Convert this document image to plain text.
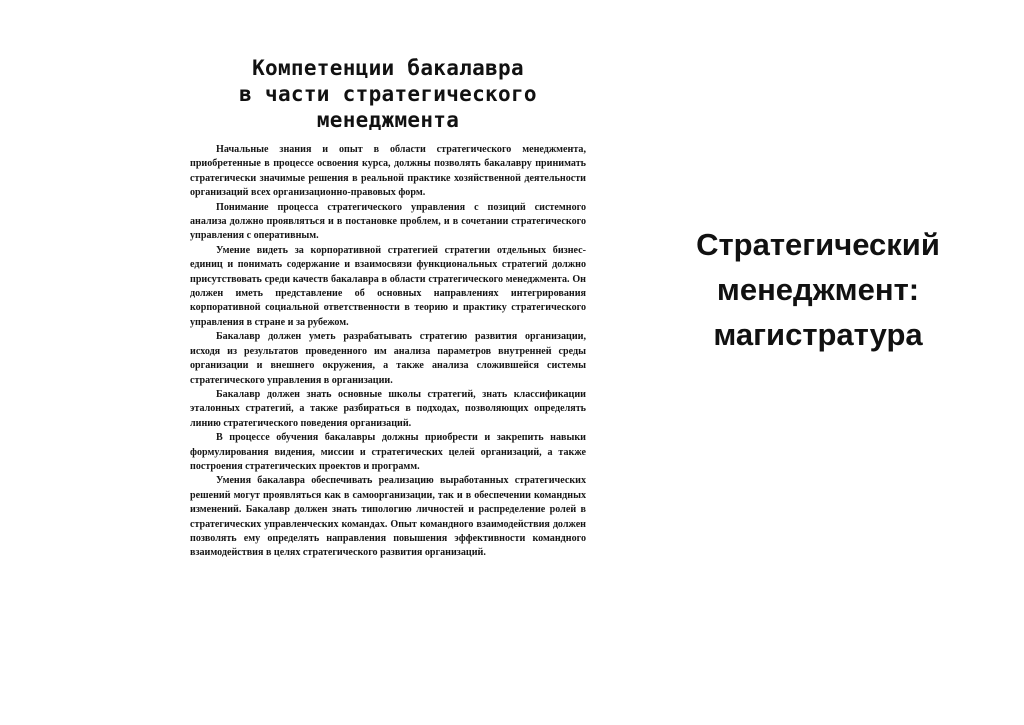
Компетенции бакалавра
в части стратегического
менеджмента

Начальные знания и опыт в области стратегического менеджмента, приобретенные в процессе освоения курса, должны позволять бакалавру принимать стратегически значимые решения в реальной практике хозяйственной деятельности организаций всех организационно-правовых форм.

Понимание процесса стратегического управления с позиций системного анализа должно проявляться и в постановке проблем, и в сочетании стратегического управления с оперативным.

Умение видеть за корпоративной стратегией стратегии отдельных бизнес-единиц и понимать содержание и взаимосвязи функциональных стратегий должно присутствовать среди качеств бакалавра в области стратегического менеджмента. Он должен иметь представление об основных направлениях интегрирования корпоративной социальной ответственности в теорию и практику стратегического управления в стране и за рубежом.

Бакалавр должен уметь разрабатывать стратегию развития организации, исходя из результатов проведенного им анализа параметров внутренней среды организации и внешнего окружения, а также анализа сложившейся системы стратегического управления в организации.

Бакалавр должен знать основные школы стратегий, знать классификации эталонных стратегий, а также разбираться в подходах, позволяющих определять линию стратегического поведения организаций.

В процессе обучения бакалавры должны приобрести и закрепить навыки формулирования видения, миссии и стратегических целей организаций, а также построения стратегических проектов и программ.

Умения бакалавра обеспечивать реализацию выработанных стратегических решений могут проявляться как в самоорганизации, так и в обеспечении командных изменений. Бакалавр должен знать типологию личностей и распределение ролей в стратегических управленческих командах. Опыт командного взаимодействия должен позволять ему определять направления повышения эффективности командного взаимодействия в целях стратегического развития организаций.

Стратегический
менеджмент:
магистратура
